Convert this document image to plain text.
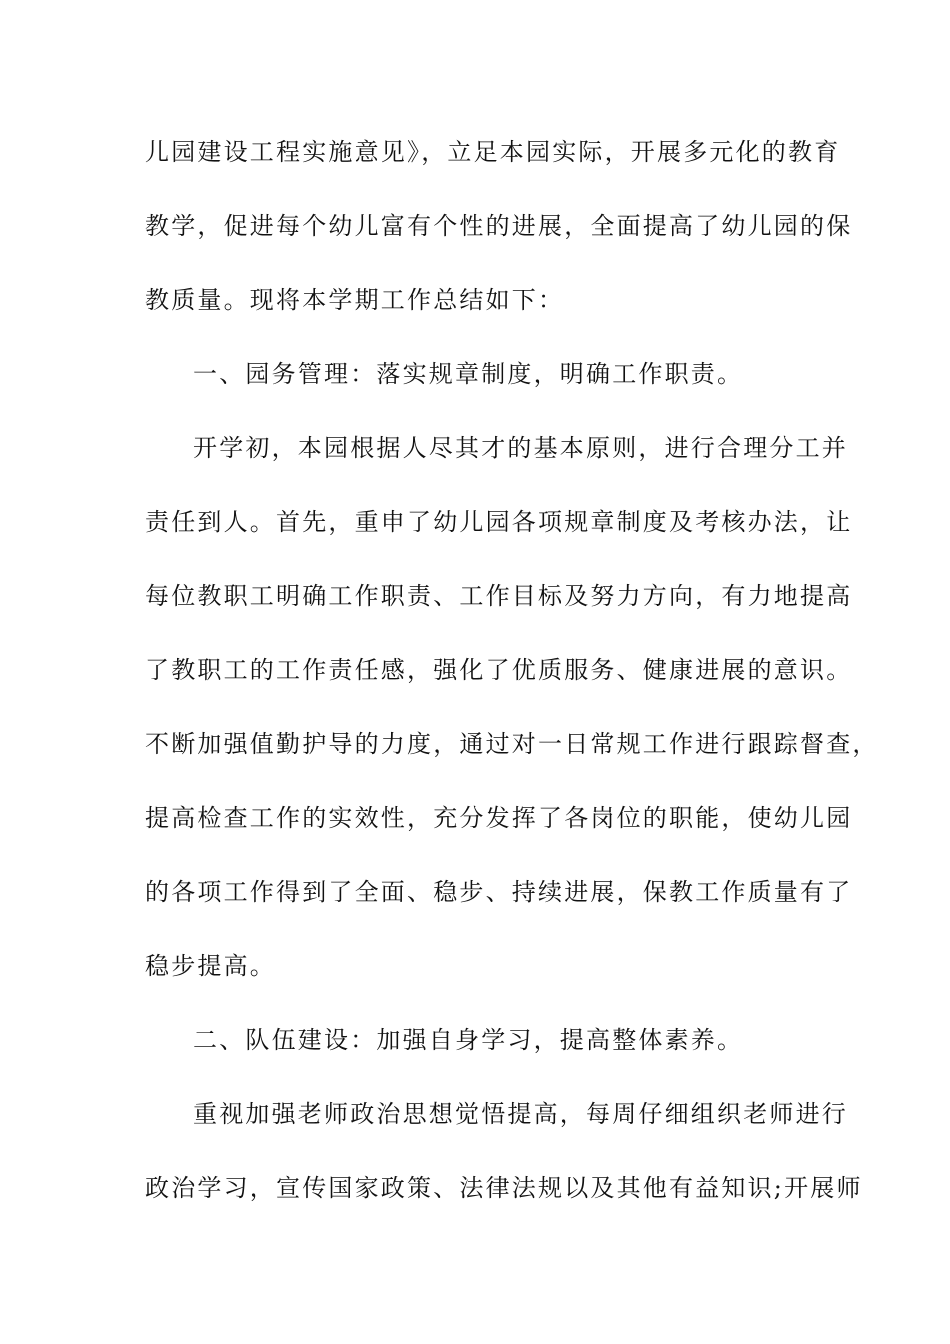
儿园建设工程实施意见》，立足本园实际，开展多元化的教育
教学，促进每个幼儿富有个性的进展，全面提高了幼儿园的保
教质量。现将本学期工作总结如下：
一、园务管理：落实规章制度，明确工作职责。
开学初，本园根据人尽其才的基本原则，进行合理分工并
责任到人。首先，重申了幼儿园各项规章制度及考核办法，让
每位教职工明确工作职责、工作目标及努力方向，有力地提高
了教职工的工作责任感，强化了优质服务、健康进展的意识。
不断加强值勤护导的力度，通过对一日常规工作进行跟踪督查，
提高检查工作的实效性，充分发挥了各岗位的职能，使幼儿园
的各项工作得到了全面、稳步、持续进展，保教工作质量有了
稳步提高。
二、队伍建设：加强自身学习，提高整体素养。
重视加强老师政治思想觉悟提高，每周仔细组织老师进行
政治学习，宣传国家政策、法律法规以及其他有益知识;开展师
